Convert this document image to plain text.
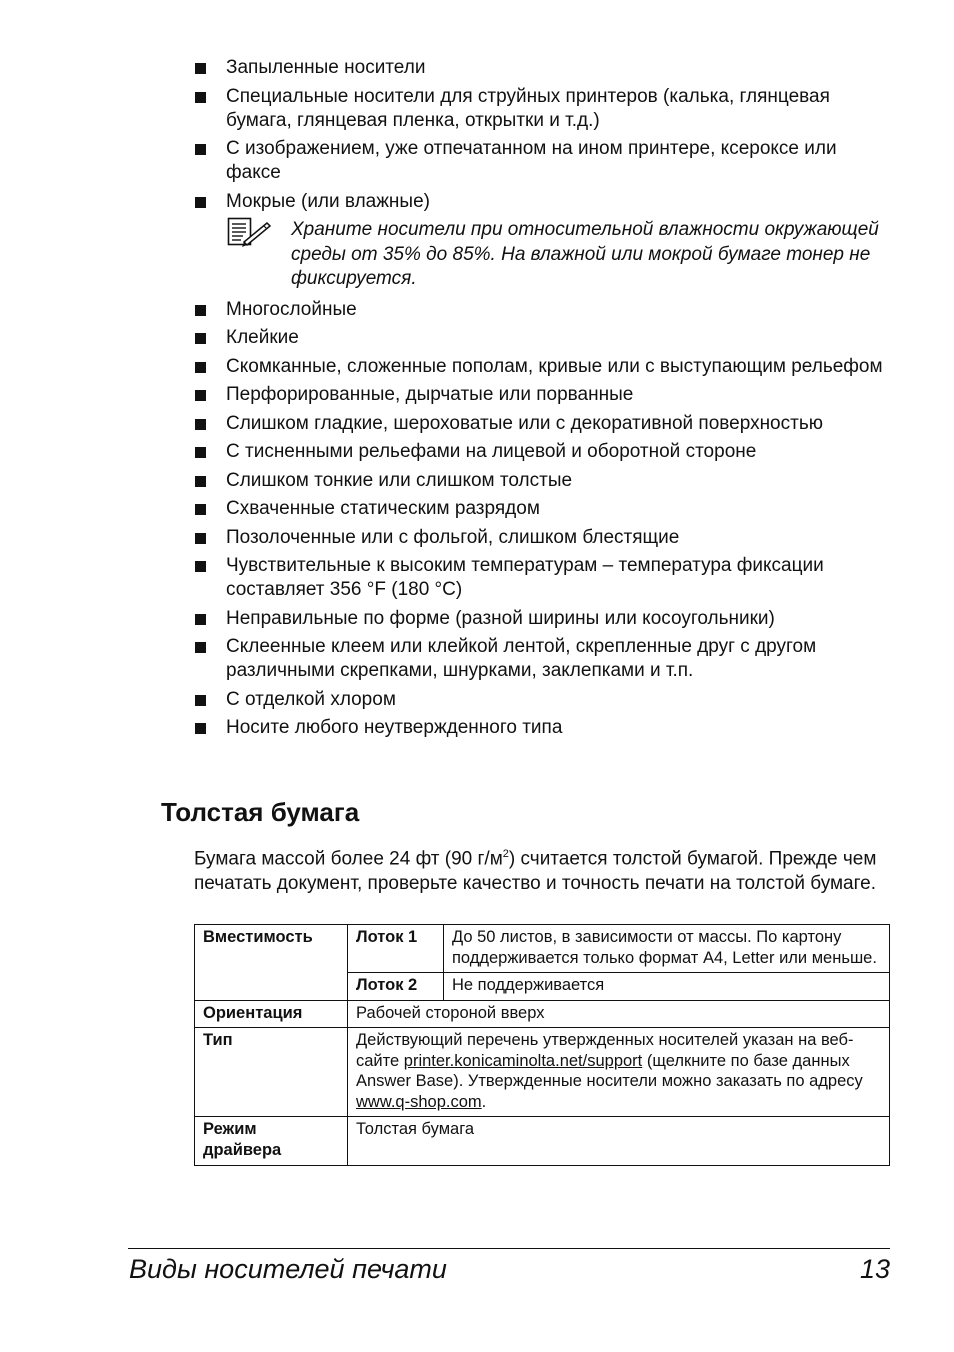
Запыленные носители
Специальные носители для струйных принтеров (калька, глянцевая бумага, глянцевая пленка, открытки и т.д.)
С изображением, уже отпечатанном на ином принтере, ксероксе или факсе
Мокрые (или влажные)
Храните носители при относительной влажности окружающей среды от 35% до 85%. На влажной или мокрой бумаге тонер не фиксируется.
Многослойные
Клейкие
Скомканные, сложенные пополам, кривые или с выступающим рельефом
Перфорированные, дырчатые или порванные
Слишком гладкие, шероховатые или с декоративной поверхностью
С тисненными рельефами на лицевой и оборотной стороне
Слишком тонкие или слишком толстые
Схваченные статическим разрядом
Позолоченные или с фольгой, слишком блестящие
Чувствительные к высоким температурам – температура фиксации составляет 356 °F (180 °C)
Неправильные по форме (разной ширины или косоугольники)
Склеенные клеем или клейкой лентой, скрепленные друг с другом различными скрепками, шнурками, заклепками и т.п.
С отделкой хлором
Носите любого неутвержденного типа
Толстая бумага

Бумага массой более 24 фт (90 $г/м^2$) считается толстой бумагой. Прежде чем печатать документ, проверьте качество и точность печати на толстой бумаге.

Вместимость	Лоток 1	До 50 листов, в зависимости от массы. По картону поддерживается только формат A4, Letter или меньше.
	Лоток 2	Не поддерживается
Ориентация	Рабочей стороной вверх	
Тип	Действующий перечень утвержденных носителей указан на веб-сайте printer.konicaminolta.net/support (щелкните по базе данных Answer Base). Утвержденные носители можно заказать по адресу www.q-shop.com.	
Режим драйвера	Толстая бумага	
Виды носителей печати	13
